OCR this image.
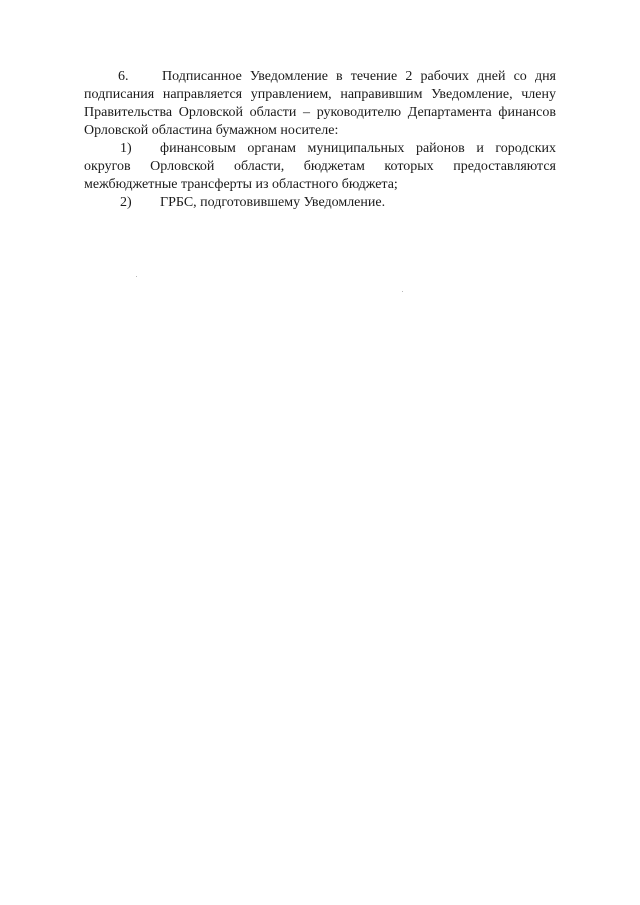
6. Подписанное Уведомление в течение 2 рабочих дней со дня подписания направляется управлением, направившим Уведомление, члену Правительства Орловской области – руководителю Департамента финансов Орловской областина бумажном носителе:

1) финансовым органам муниципальных районов и городских округов Орловской области, бюджетам которых предоставляются межбюджетные трансферты из областного бюджета;

2) ГРБС, подготовившему Уведомление.
